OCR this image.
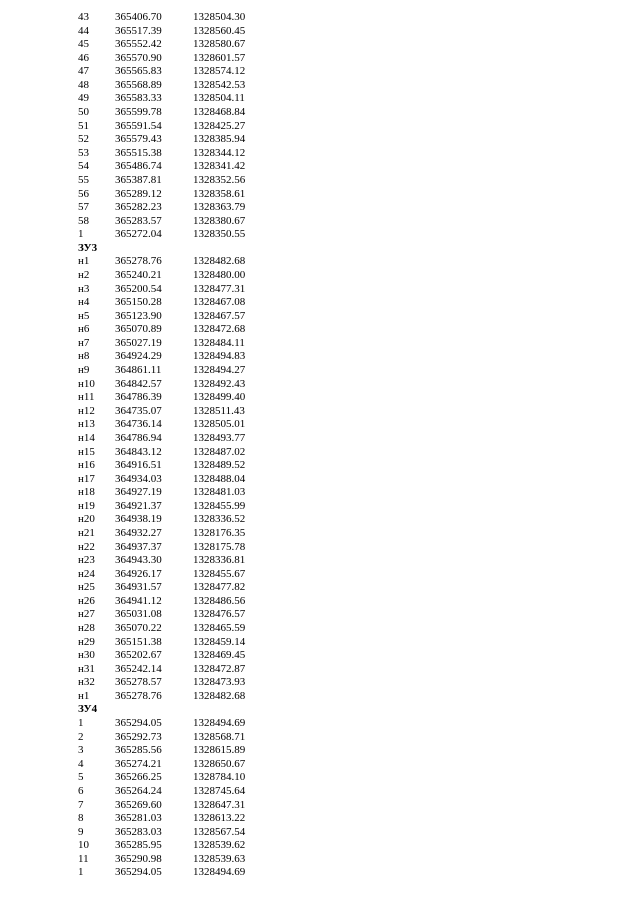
43 365406.70	1328504.30
44 365517.39	1328560.45
45 365552.42	1328580.67
46 365570.90	1328601.57
47 365565.83	1328574.12
48 365568.89	1328542.53
49 365583.33	1328504.11
50 365599.78	1328468.84
51 365591.54	1328425.27
52 365579.43	1328385.94
53 365515.38	1328344.12
54 365486.74	1328341.42
55 365387.81	1328352.56
56 365289.12	1328358.61
57 365282.23	1328363.79
58 365283.57	1328380.67
1	365272.04	1328350.55
ЗУ3
н1 365278.76	1328482.68
н2 365240.21	1328480.00
н3 365200.54	1328477.31
н4 365150.28	1328467.08
н5 365123.90	1328467.57
н6 365070.89	1328472.68
н7 365027.19	1328484.11
н8 364924.29	1328494.83
н9 364861.11	1328494.27
н10 364842.57	1328492.43
н11 364786.39	1328499.40
н12 364735.07	1328511.43
н13 364736.14	1328505.01
н14 364786.94	1328493.77
н15 364843.12	1328487.02
н16 364916.51	1328489.52
н17 364934.03	1328488.04
н18 364927.19	1328481.03
н19 364921.37	1328455.99
н20 364938.19	1328336.52
н21 364932.27	1328176.35
н22 364937.37	1328175.78
н23 364943.30	1328336.81
н24 364926.17	1328455.67
н25 364931.57	1328477.82
н26 364941.12	1328486.56
н27 365031.08	1328476.57
н28 365070.22	1328465.59
н29 365151.38	1328459.14
н30 365202.67	1328469.45
н31 365242.14	1328472.87
н32 365278.57	1328473.93
н1 365278.76	1328482.68
ЗУ4
1	365294.05	1328494.69
2	365292.73	1328568.71
3	365285.56	1328615.89
4	365274.21	1328650.67
5	365266.25	1328784.10
6	365264.24	1328745.64
7	365269.60	1328647.31
8	365281.03	1328613.22
9	365283.03	1328567.54
10 365285.95	1328539.62
11 365290.98	1328539.63
1	365294.05	1328494.69
